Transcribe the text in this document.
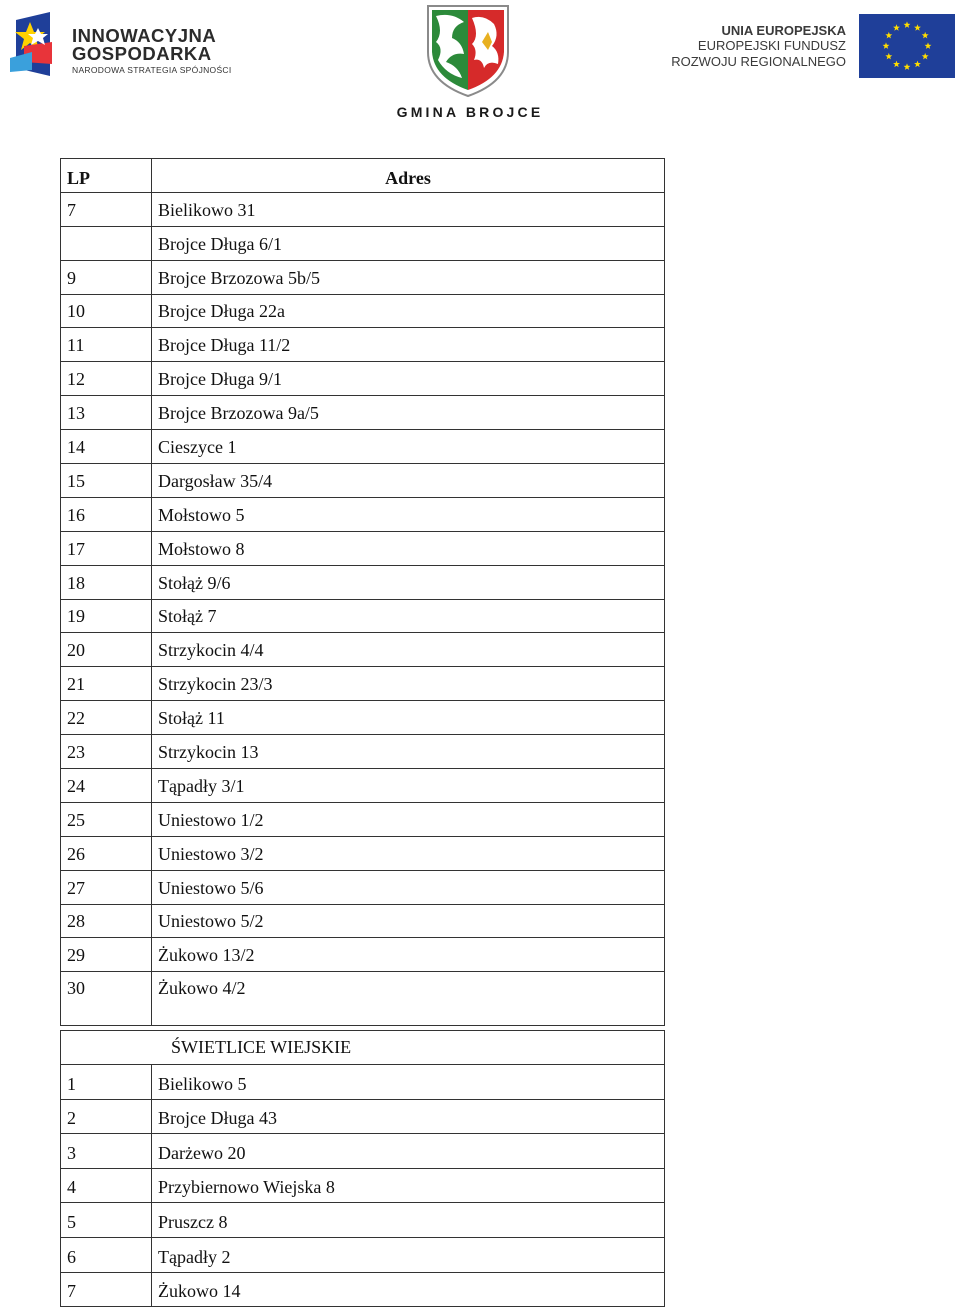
INNOWACYJNA
GOSPODARKA
NARODOWA STRATEGIA SPÓJNOŚCI
GMINA BROJCE
UNIA EUROPEJSKA
EUROPEJSKI FUNDUSZ
ROZWOJU REGIONALNEGO
LP	Adres
7	Bielikowo 31
	Brojce Długa 6/1
9	Brojce Brzozowa 5b/5
10	Brojce Długa 22a
11	Brojce Długa 11/2
12	Brojce Długa 9/1
13	Brojce Brzozowa 9a/5
14	Cieszyce 1
15	Dargosław 35/4
16	Mołstowo 5
17	Mołstowo 8
18	Stołąż 9/6
19	Stołąż 7
20	Strzykocin 4/4
21	Strzykocin 23/3
22	Stołąż 11
23	Strzykocin 13
24	Tąpadły 3/1
25	Uniestowo 1/2
26	Uniestowo 3/2
27	Uniestowo 5/6
28	Uniestowo 5/2
29	Żukowo 13/2
30	Żukowo 4/2
ŚWIETLICE WIEJSKIE	

1	Bielikowo 5
2	Brojce Długa 43
3	Darżewo 20
4	Przybiernowo Wiejska 8
5	Pruszcz 8
6	Tąpadły 2
7	Żukowo 14
